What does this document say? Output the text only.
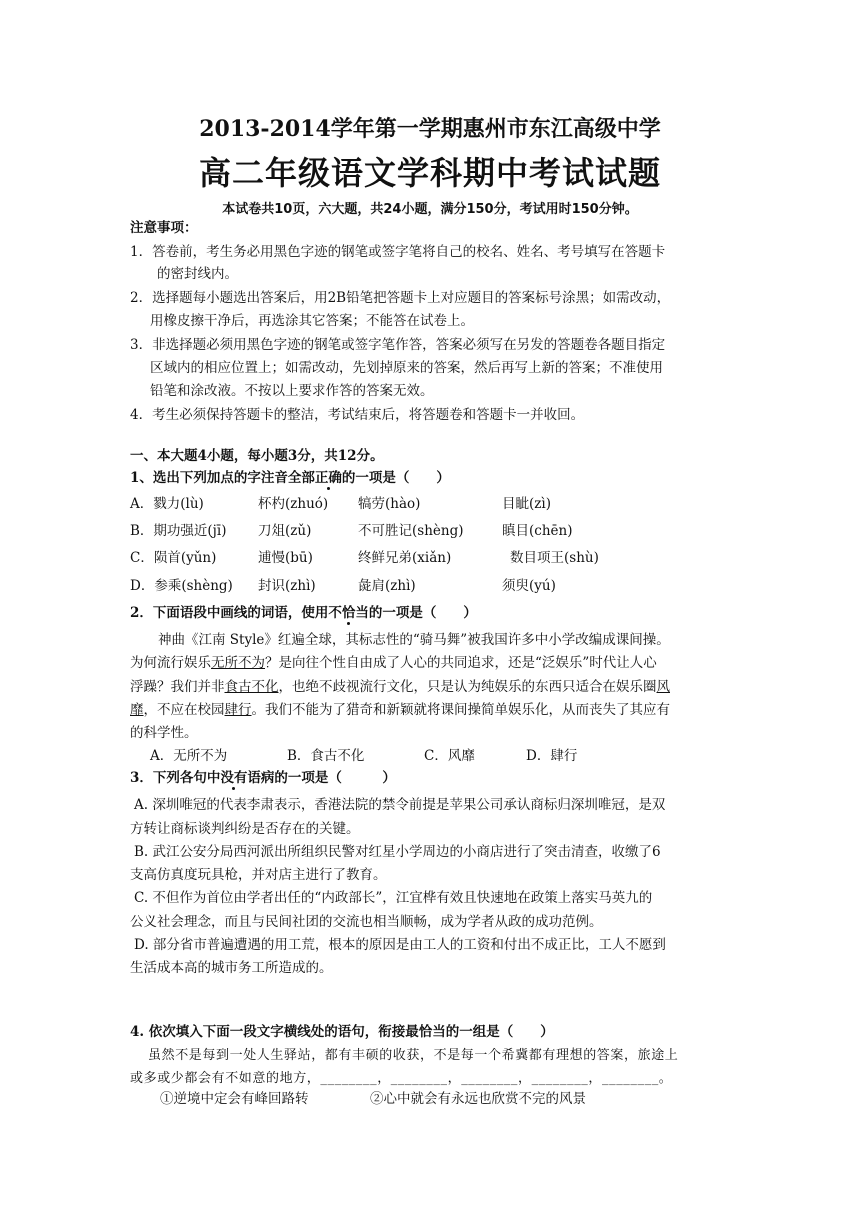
2013-2014学年第一学期惠州市东江高级中学
高二年级语文学科期中考试试题
本试卷共10页，六大题，共24小题，满分150分，考试用时150分钟。
注意事项：
1．答卷前，考生务必用黑色字迹的钢笔或签字笔将自己的校名、姓名、考号填写在答题卡
的密封线内。
2．选择题每小题选出答案后，用2B铅笔把答题卡上对应题目的答案标号涂黑；如需改动，
用橡皮擦干净后，再选涂其它答案；不能答在试卷上。
3．非选择题必须用黑色字迹的钢笔或签字笔作答，答案必须写在另发的答题卷各题目指定
区域内的相应位置上；如需改动，先划掉原来的答案，然后再写上新的答案；不准使用
铅笔和涂改液。不按以上要求作答的答案无效。
4．考生必须保持答题卡的整洁，考试结束后，将答题卷和答题卡一并收回。
一、本大题4小题，每小题3分，共12分。
1、选出下列加点的字注音全部正确的一项是（　　）
A．戮力(lù)	杯杓(zhuó) 犒劳(hào)	目眦(zì)
B．期功强近(jī) 刀俎(zǔ)	不可胜记(shèng)	瞋目(chēn)
C．陨首(yǔn)	逋慢(bū)	终鲜兄弟(xiǎn)	数目项王(shù)
D．参乘(shèng) 封识(zhì)	彘肩(zhì)	须臾(yú)
2．下面语段中画线的词语，使用不恰当的一项是（　　）
神曲《江南 Style》红遍全球，其标志性的“骑马舞”被我国许多中小学改编成课间操。
为何流行娱乐无所不为？是向往个性自由成了人心的共同追求，还是“泛娱乐”时代让人心
浮躁？我们并非食古不化，也绝不歧视流行文化，只是认为纯娱乐的东西只适合在娱乐圈风
靡，不应在校园肆行。我们不能为了猎奇和新颖就将课间操简单娱乐化，从而丧失了其应有
的科学性。
A．无所不为	B．食古不化	C．风靡	D．肆行
3．下列各句中没有语病的一项是（　　　）
A. 深圳唯冠的代表李肃表示，香港法院的禁令前提是苹果公司承认商标归深圳唯冠，是双
方转让商标谈判纠纷是否存在的关键。
B. 武江公安分局西河派出所组织民警对红星小学周边的小商店进行了突击清查，收缴了6
支高仿真度玩具枪，并对店主进行了教育。
C. 不但作为首位由学者出任的“内政部长”，江宜桦有效且快速地在政策上落实马英九的
公义社会理念，而且与民间社团的交流也相当顺畅，成为学者从政的成功范例。
D. 部分省市普遍遭遇的用工荒，根本的原因是由工人的工资和付出不成正比，工人不愿到
生活成本高的城市务工所造成的。
4. 依次填入下面一段文字横线处的语句，衔接最恰当的一组是（　　）
虽然不是每到一处人生驿站，都有丰硕的收获，不是每一个希冀都有理想的答案，旅途上
或多或少都会有不如意的地方，________，________，________，________，________。
①逆境中定会有峰回路转	②心中就会有永远也欣赏不完的风景
